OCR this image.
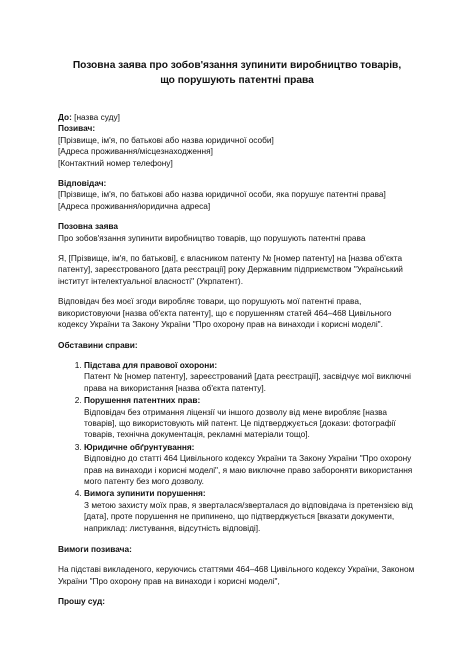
Позовна заява про зобов'язання зупинити виробництво товарів, що порушують патентні права

До: [назва суду]

Позивач:

[Прізвище, ім'я, по батькові або назва юридичної особи]

[Адреса проживання/місцезнаходження]

[Контактний номер телефону]

Відповідач:

[Прізвище, ім'я, по батькові або назва юридичної особи, яка порушує патентні права]

[Адреса проживання/юридична адреса]

Позовна заява

Про зобов'язання зупинити виробництво товарів, що порушують патентні права

Я, [Прізвище, ім'я, по батькові], є власником патенту № [номер патенту] на [назва об'єкта патенту], зареєстрованого [дата реєстрації] року Державним підприємством "Український інститут інтелектуальної власності" (Укрпатент).

Відповідач без моєї згоди виробляє товари, що порушують мої патентні права, використовуючи [назва об'єкта патенту], що є порушенням статей 464–468 Цивільного кодексу України та Закону України "Про охорону прав на винаходи і корисні моделі".

Обставини справи:

1. Підстава для правової охорони:
Патент № [номер патенту], зареєстрований [дата реєстрації], засвідчує мої виключні права на використання [назва об'єкта патенту].
2. Порушення патентних прав:
Відповідач без отримання ліцензії чи іншого дозволу від мене виробляє [назва товарів], що використовують мій патент. Це підтверджується [докази: фотографії товарів, технічна документація, рекламні матеріали тощо].
3. Юридичне обґрунтування:
Відповідно до статті 464 Цивільного кодексу України та Закону України "Про охорону прав на винаходи і корисні моделі", я маю виключне право забороняти використання мого патенту без мого дозволу.
4. Вимога зупинити порушення:
З метою захисту моїх прав, я зверталася/зверталася до відповідача із претензією від [дата], проте порушення не припинено, що підтверджується [вказати документи, наприклад: листування, відсутність відповіді].

Вимоги позивача:

На підставі викладеного, керуючись статтями 464–468 Цивільного кодексу України, Законом України "Про охорону прав на винаходи і корисні моделі",

Прошу суд:
